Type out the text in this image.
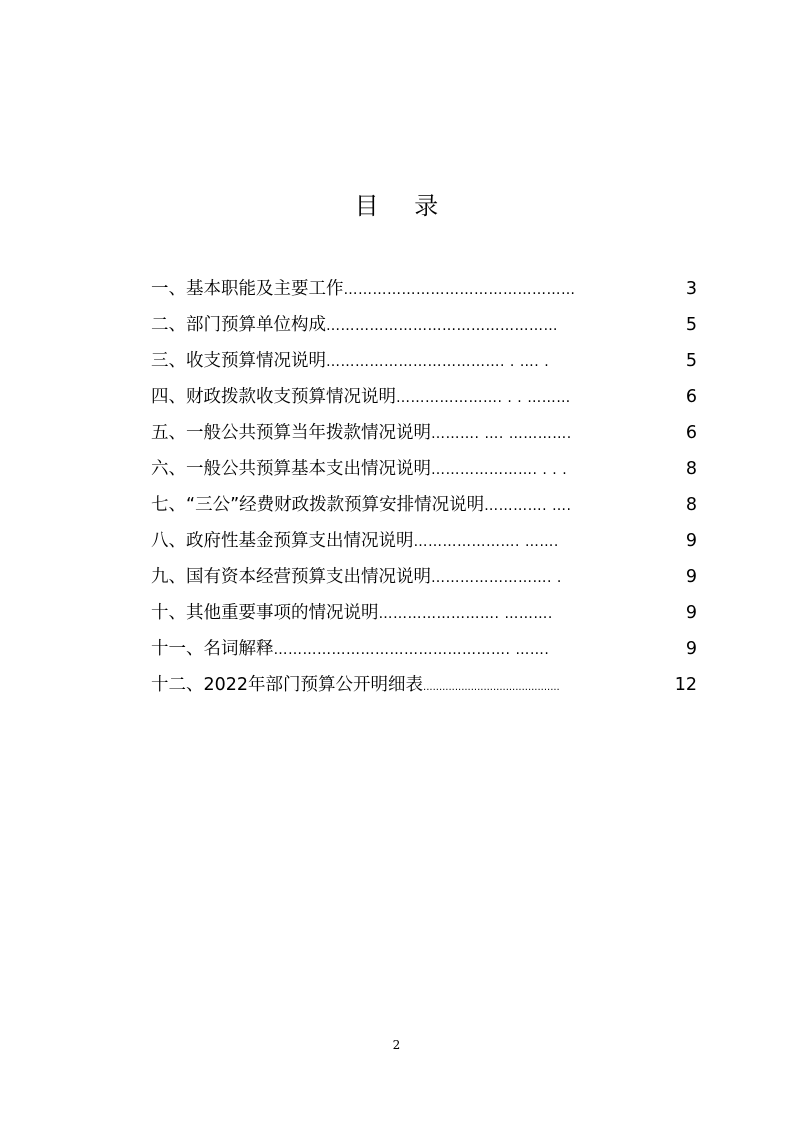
目 录
一、基本职能及主要工作 …………………………………………	3
二、部门预算单位构成 …………………………………………	5
三、收支预算情况说明 ………………………………. . …. .	5
四、财政拨款收支预算情况说明 …………………. . . ………	6
五、一般公共预算当年拨款情况说明 ………. …. ………….	6
六、一般公共预算基本支出情况说明 …………………. . . .	8
七、“三公”经费财政拨款预算安排情况说明 …………. ….	8
八、政府性基金预算支出情况说明 …………………. …….	9
九、国有资本经营预算支出情况说明 ……………………. .	9
十、其他重要事项的情况说明 ……………………. ……….	9
十一、名词解释 …………………………………………. …….	9
十二、2022年部门预算公开明细表 ...........................................	12
2
